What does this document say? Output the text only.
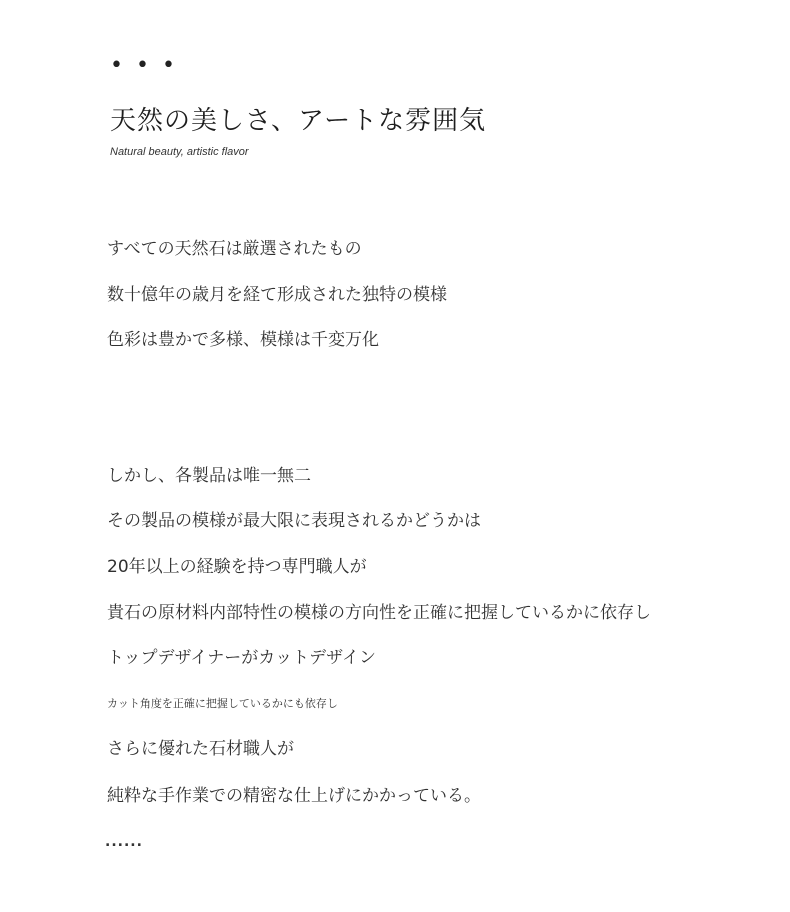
• • •
天然の美しさ、アートな雰囲気
Natural beauty, artistic flavor
すべての天然石は厳選されたもの
数十億年の歳月を経て形成された独特の模様
色彩は豊かで多様、模様は千変万化
しかし、各製品は唯一無二
その製品の模様が最大限に表現されるかどうかは
20年以上の経験を持つ専門職人が
貴石の原材料内部特性の模様の方向性を正確に把握しているかに依存し
トップデザイナーがカットデザイン
カット角度を正確に把握しているかにも依存し
さらに優れた石材職人が
純粋な手作業での精密な仕上げにかかっている。
......
